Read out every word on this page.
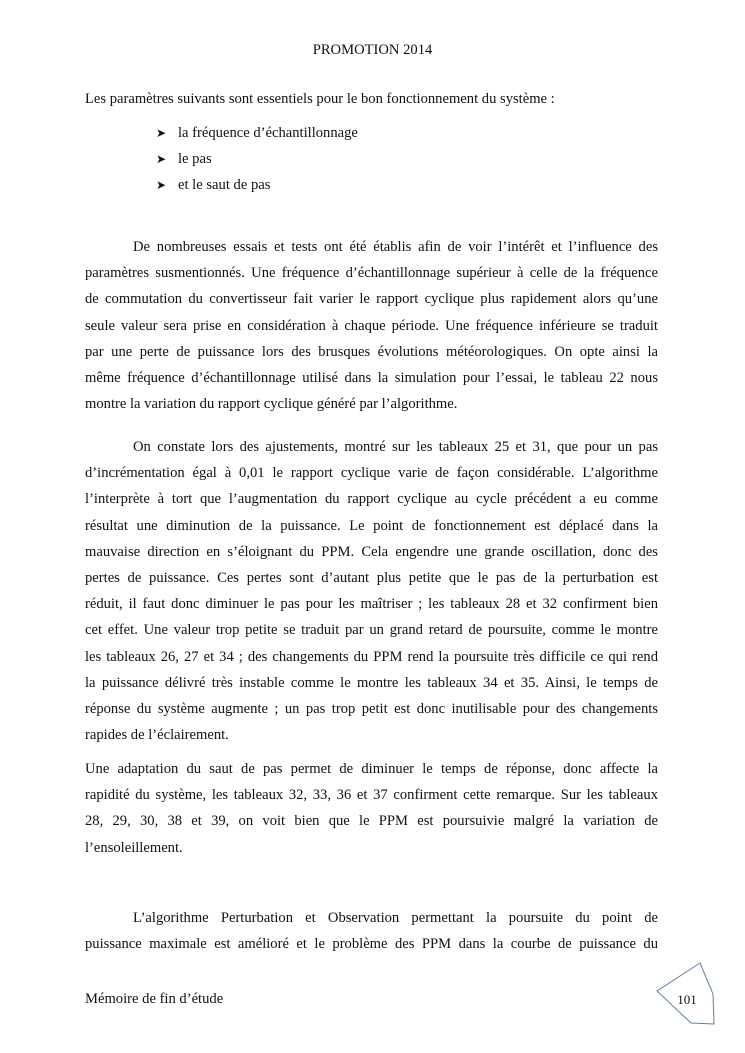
PROMOTION 2014
Les paramètres suivants sont essentiels pour le bon fonctionnement du système :
➤ la fréquence d’échantillonnage
➤ le pas
➤ et le saut de pas
De nombreuses essais et tests ont été établis afin de voir l’intérêt et l’influence des
paramètres susmentionnés. Une fréquence d’échantillonnage supérieur à celle de la fréquence
de commutation du convertisseur fait varier le rapport cyclique plus rapidement alors qu’une
seule valeur sera prise en considération à chaque période. Une fréquence inférieure se traduit
par une perte de puissance lors des brusques évolutions météorologiques. On opte ainsi la
même fréquence d’échantillonnage utilisé dans la simulation pour l’essai, le tableau 22 nous
montre la variation du rapport cyclique généré par l’algorithme.
On constate lors des ajustements, montré sur les tableaux 25 et 31, que pour un pas
d’incrémentation égal à 0,01 le rapport cyclique varie de façon considérable. L’algorithme
l’interprète à tort que l’augmentation du rapport cyclique au cycle précédent a eu comme
résultat une diminution de la puissance. Le point de fonctionnement est déplacé dans la
mauvaise direction en s’éloignant du PPM. Cela engendre une grande oscillation, donc des
pertes de puissance. Ces pertes sont d’autant plus petite que le pas de la perturbation est
réduit, il faut donc diminuer le pas pour les maîtriser ; les tableaux 28 et 32 confirment bien
cet effet. Une valeur trop petite se traduit par un grand retard de poursuite, comme le montre
les tableaux 26, 27 et 34 ; des changements du PPM rend la poursuite très difficile ce qui rend
la puissance délivré très instable comme le montre les tableaux 34 et 35. Ainsi, le temps de
réponse du système augmente ; un pas trop petit est donc inutilisable pour des changements
rapides de l’éclairement.
Une adaptation du saut de pas permet de diminuer le temps de réponse, donc affecte la
rapidité du système, les tableaux 32, 33, 36 et 37 confirment cette remarque. Sur les tableaux
28, 29, 30, 38 et 39, on voit bien que le PPM est poursuivie malgré la variation de
l’ensoleillement.
L’algorithme Perturbation et Observation permettant la poursuite du point de
puissance maximale est amélioré et le problème des PPM dans la courbe de puissance du
Mémoire de fin d’étude	101
